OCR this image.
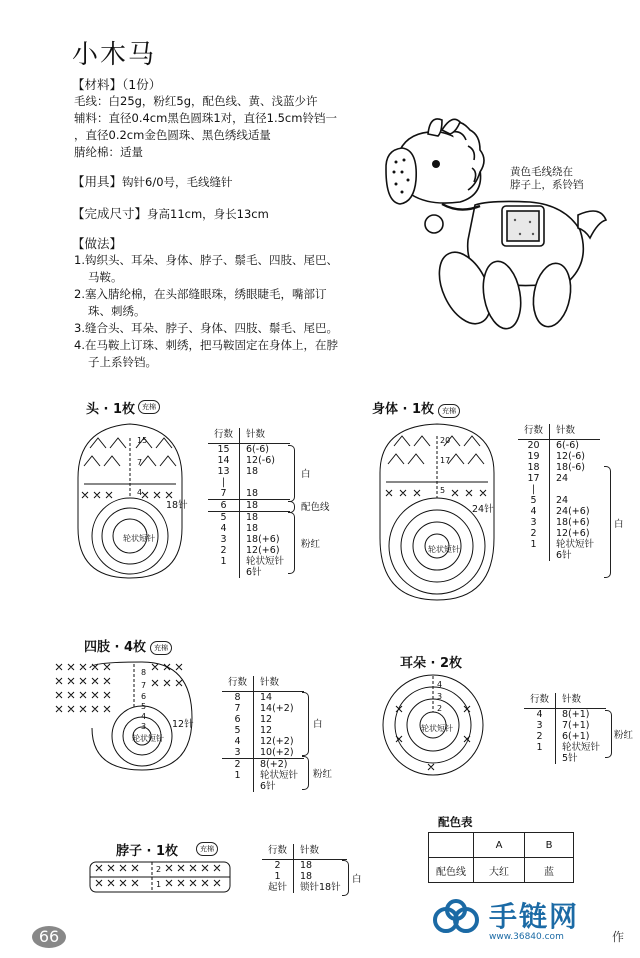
小木马
【材料】（1份）
毛线：白25g，粉红5g，配色线、黄、浅蓝少许
辅料：直径0.4cm黑色圆珠1对，直径1.5cm铃铛一
，直径0.2cm金色圆珠、黑色绣线适量
腈纶棉：适量
【用具】钩针6/0号，毛线缝针
【完成尺寸】身高11cm，身长13cm
【做法】
1.钩织头、耳朵、身体、脖子、鬃毛、四肢、尾巴、
马鞍。
2.塞入腈纶棉，在头部缝眼珠，绣眼睫毛，嘴部订
珠、刺绣。
3.缝合头、耳朵、脖子、身体、四肢、鬃毛、尾巴。
4.在马鞍上订珠、刺绣，把马鞍固定在身体上，在脖
子上系铃铛。
黄色毛线绕在
脖子上，系铃铛
头 · 1枚 充棉
15
7
4
轮状短针
18针
行数	针数
15	6(-6)
14	12(-6)
13	18
|	
7	18
6	18
5	18
4	18
3	18(+6)
2	12(+6)
1	轮状短针
	6针
白
配色线
粉红
身体 · 1枚	充棉
20
17
5
轮状短针
24针
行数	针数
20	6(-6)
19	12(-6)
18	18(-6)
17	24
|	
5	24
4	24(+6)
3	18(+6)
2	12(+6)
1	轮状短针
	6针
白
四肢 · 4枚	充棉
8
7
6
5
4
3
轮状短针
12针
行数	针数
8	14
7	14(+2)
6	12
5	12
4	12(+2)
3	10(+2)
2	8(+2)
1	轮状短针
	6针
白
粉红
耳朵 · 2枚
4
3
2
轮状短针
行数	针数
4	8(+1)
3	7(+1)
2	6(+1)
1	轮状短针
	5针
粉红
脖子 · 1枚	充棉
2
1
行数	针数
2	18
1	18
起针	锁针18针
白
配色表
	A	B
配色线	大红	蓝
66
手链网
www.36840.com	作
